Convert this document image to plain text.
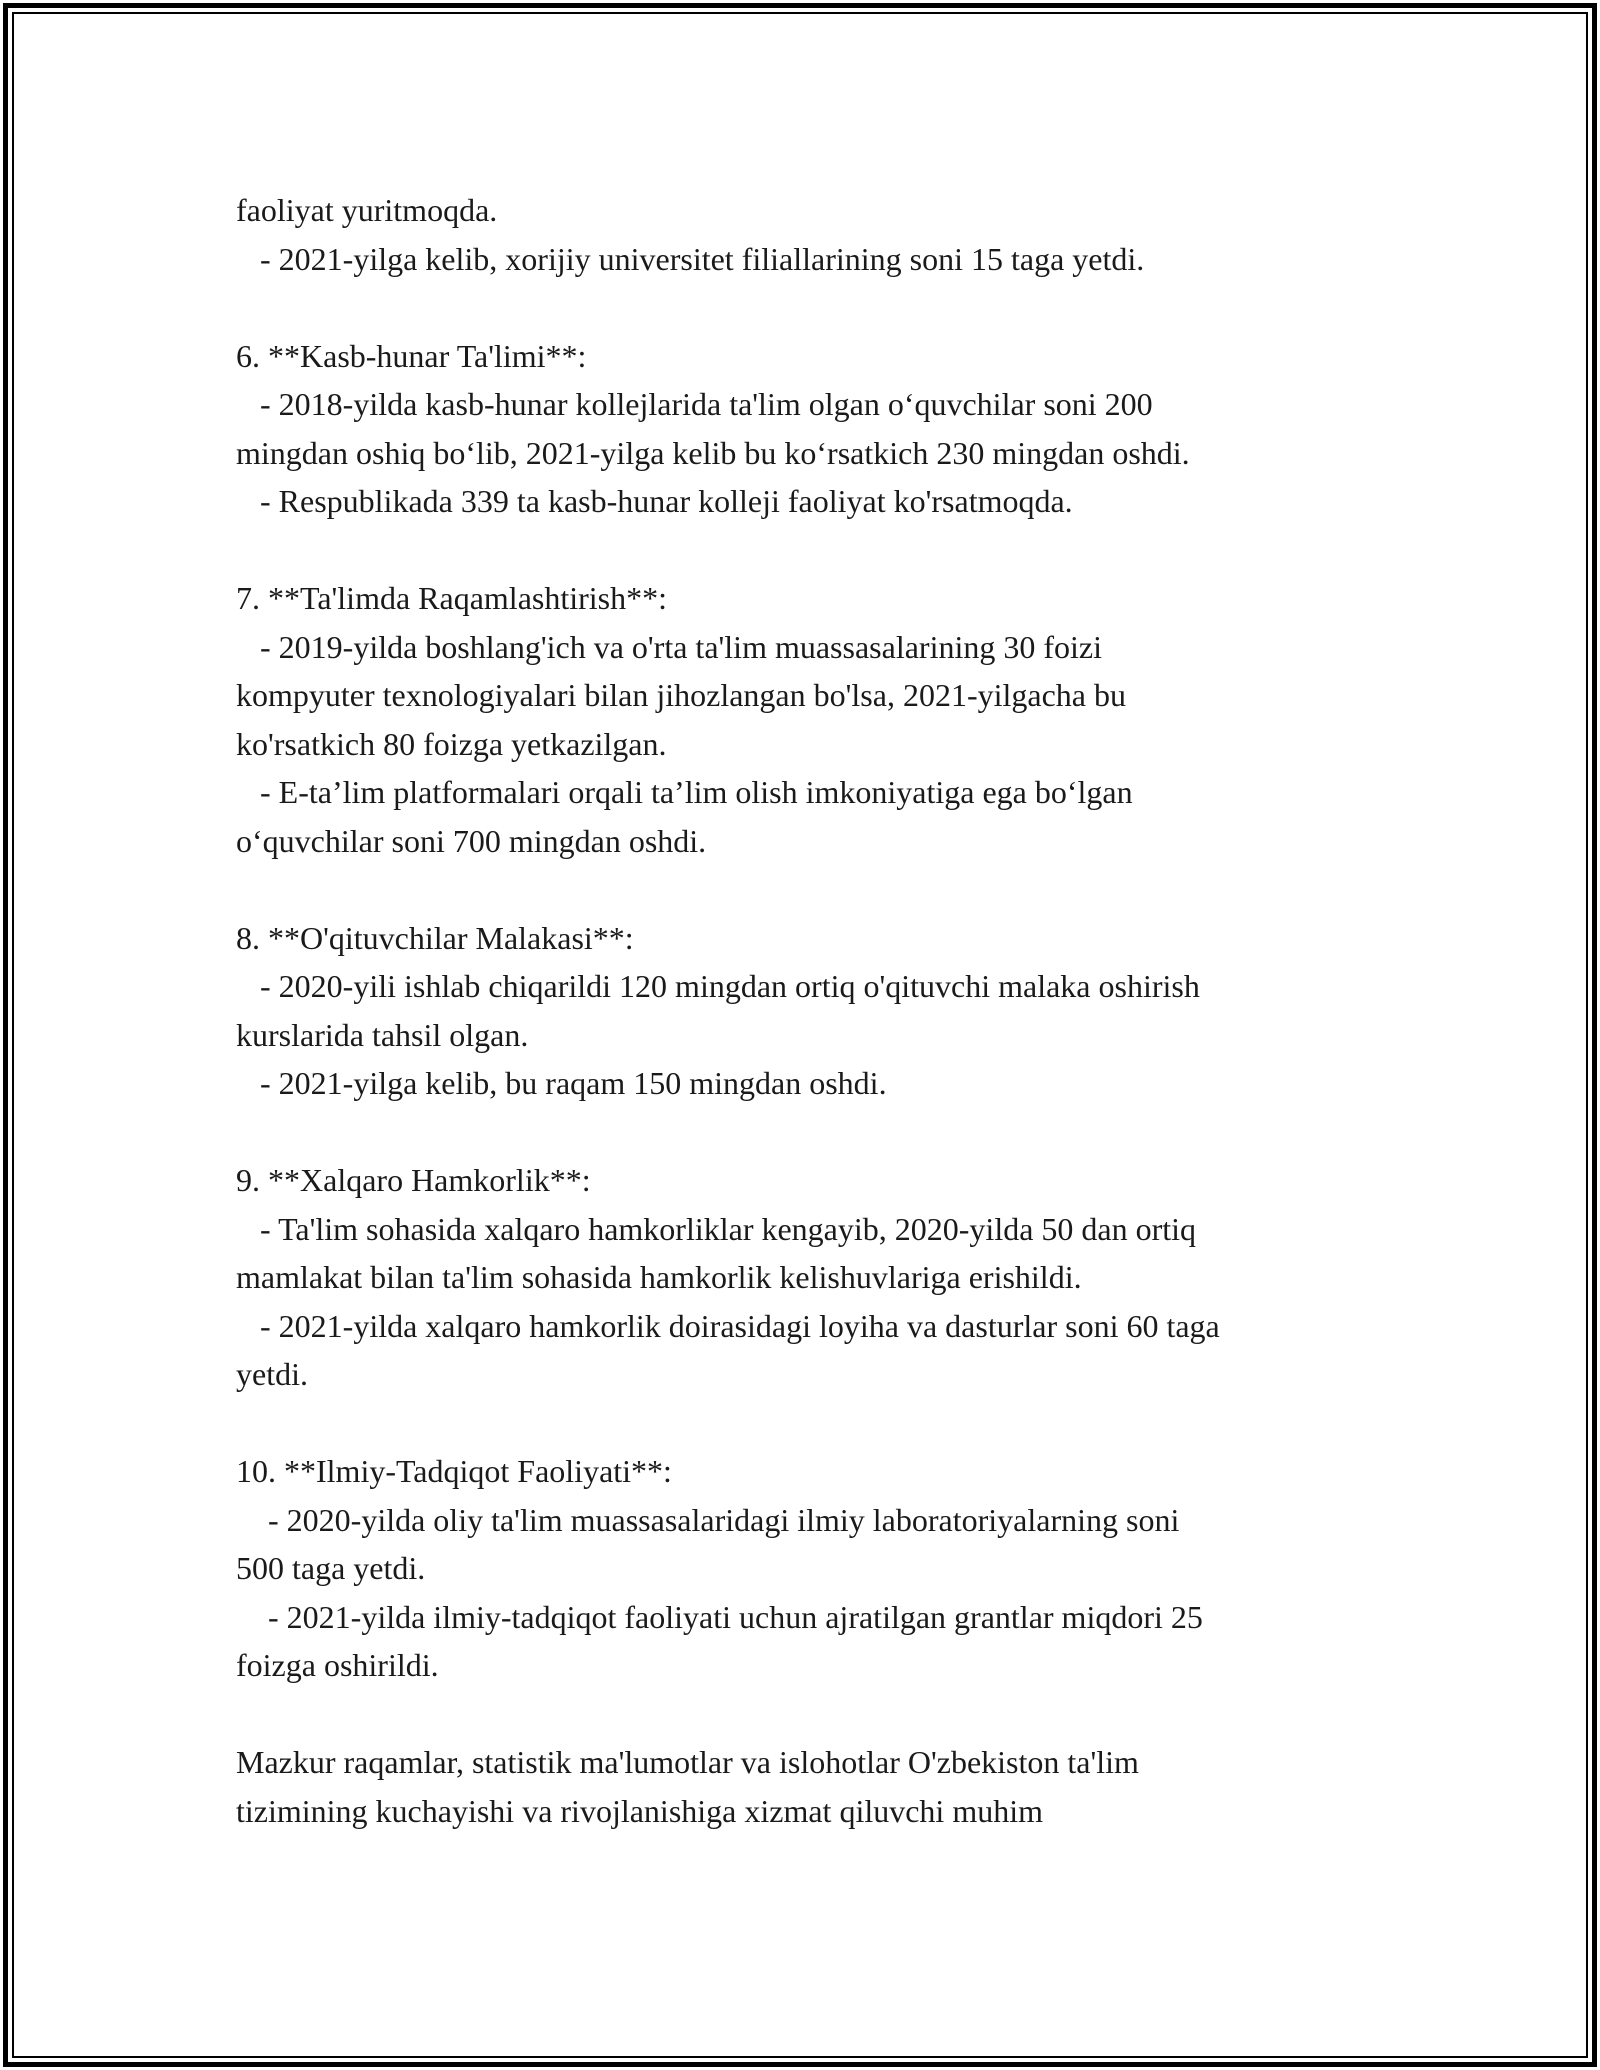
faoliyat yuritmoqda.
- 2021-yilga kelib, xorijiy universitet filiallarining soni 15 taga yetdi.
6. **Kasb-hunar Ta'limi**:
- 2018-yilda kasb-hunar kollejlarida ta'lim olgan o‘quvchilar soni 200
mingdan oshiq bo‘lib, 2021-yilga kelib bu ko‘rsatkich 230 mingdan oshdi.
- Respublikada 339 ta kasb-hunar kolleji faoliyat ko'rsatmoqda.
7. **Ta'limda Raqamlashtirish**:
- 2019-yilda boshlang'ich va o'rta ta'lim muassasalarining 30 foizi
kompyuter texnologiyalari bilan jihozlangan bo'lsa, 2021-yilgacha bu
ko'rsatkich 80 foizga yetkazilgan.
- E-ta’lim platformalari orqali ta’lim olish imkoniyatiga ega bo‘lgan
o‘quvchilar soni 700 mingdan oshdi.
8. **O'qituvchilar Malakasi**:
- 2020-yili ishlab chiqarildi 120 mingdan ortiq o'qituvchi malaka oshirish
kurslarida tahsil olgan.
- 2021-yilga kelib, bu raqam 150 mingdan oshdi.
9. **Xalqaro Hamkorlik**:
- Ta'lim sohasida xalqaro hamkorliklar kengayib, 2020-yilda 50 dan ortiq
mamlakat bilan ta'lim sohasida hamkorlik kelishuvlariga erishildi.
- 2021-yilda xalqaro hamkorlik doirasidagi loyiha va dasturlar soni 60 taga
yetdi.
10. **Ilmiy-Tadqiqot Faoliyati**:
- 2020-yilda oliy ta'lim muassasalaridagi ilmiy laboratoriyalarning soni
500 taga yetdi.
- 2021-yilda ilmiy-tadqiqot faoliyati uchun ajratilgan grantlar miqdori 25
foizga oshirildi.
Mazkur raqamlar, statistik ma'lumotlar va islohotlar O'zbekiston ta'lim
tizimining kuchayishi va rivojlanishiga xizmat qiluvchi muhim
